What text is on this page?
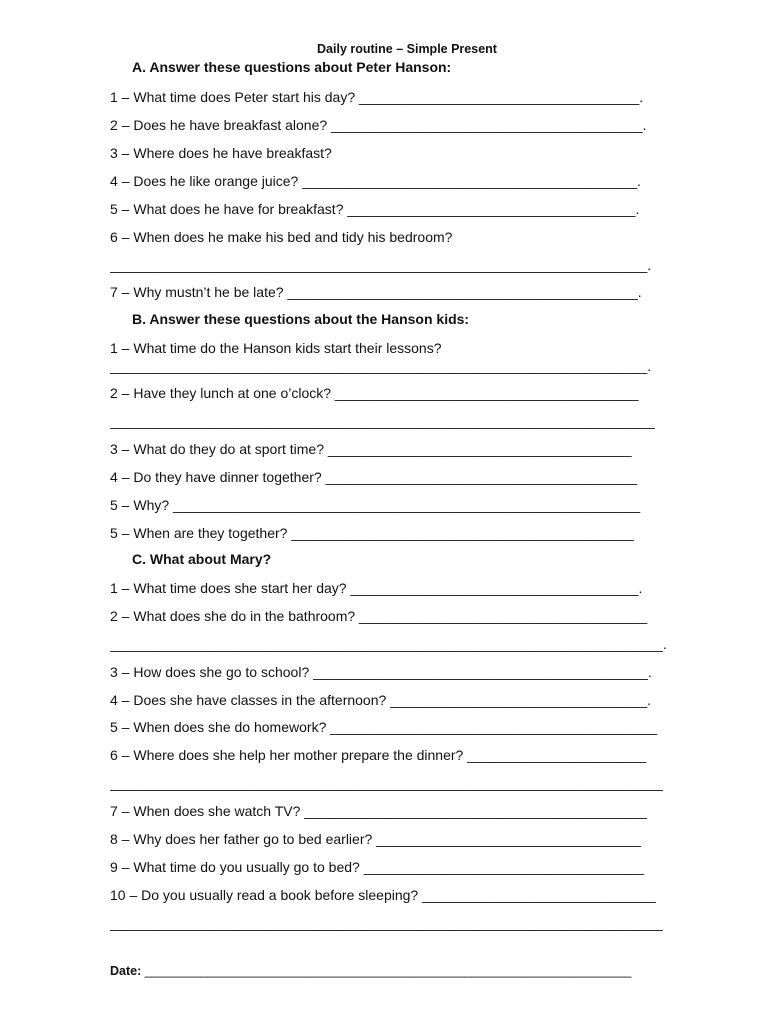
Daily routine – Simple Present
A. Answer these questions about Peter Hanson:
1 – What time does Peter start his day? ____________________________________.
2 – Does he have breakfast alone? ________________________________________.
3 – Where does he have breakfast?
4 – Does he like orange juice? ___________________________________________.
5 – What does he have for breakfast? _____________________________________.
6 – When does he make his bed and tidy his bedroom?
_____________________________________________________________________.
7 – Why mustn’t he be late? _____________________________________________.
B. Answer these questions about the Hanson kids:
1 – What time do the Hanson kids start their lessons?
_____________________________________________________________________.
2 – Have they lunch at one o’clock? _______________________________________
______________________________________________________________________
3 – What do they do at sport time? _______________________________________
4 – Do they have dinner together? ________________________________________
5 – Why? ____________________________________________________________
5 – When are they together? ____________________________________________
C. What about Mary?
1 – What time does she start her day? _____________________________________.
2 – What does she do in the bathroom? _____________________________________
_______________________________________________________________________.
3 – How does she go to school? ___________________________________________.
4 – Does she have classes in the afternoon? _________________________________.
5 – When does she do homework? __________________________________________
6 – Where does she help her mother prepare the dinner? _______________________
_______________________________________________________________________
7 – When does she watch TV? ____________________________________________
8 – Why does her father go to bed earlier? __________________________________
9 – What time do you usually go to bed? ____________________________________
10 – Do you usually read a book before sleeping? ______________________________
_______________________________________________________________________
Date: ______________________________________________________________________
